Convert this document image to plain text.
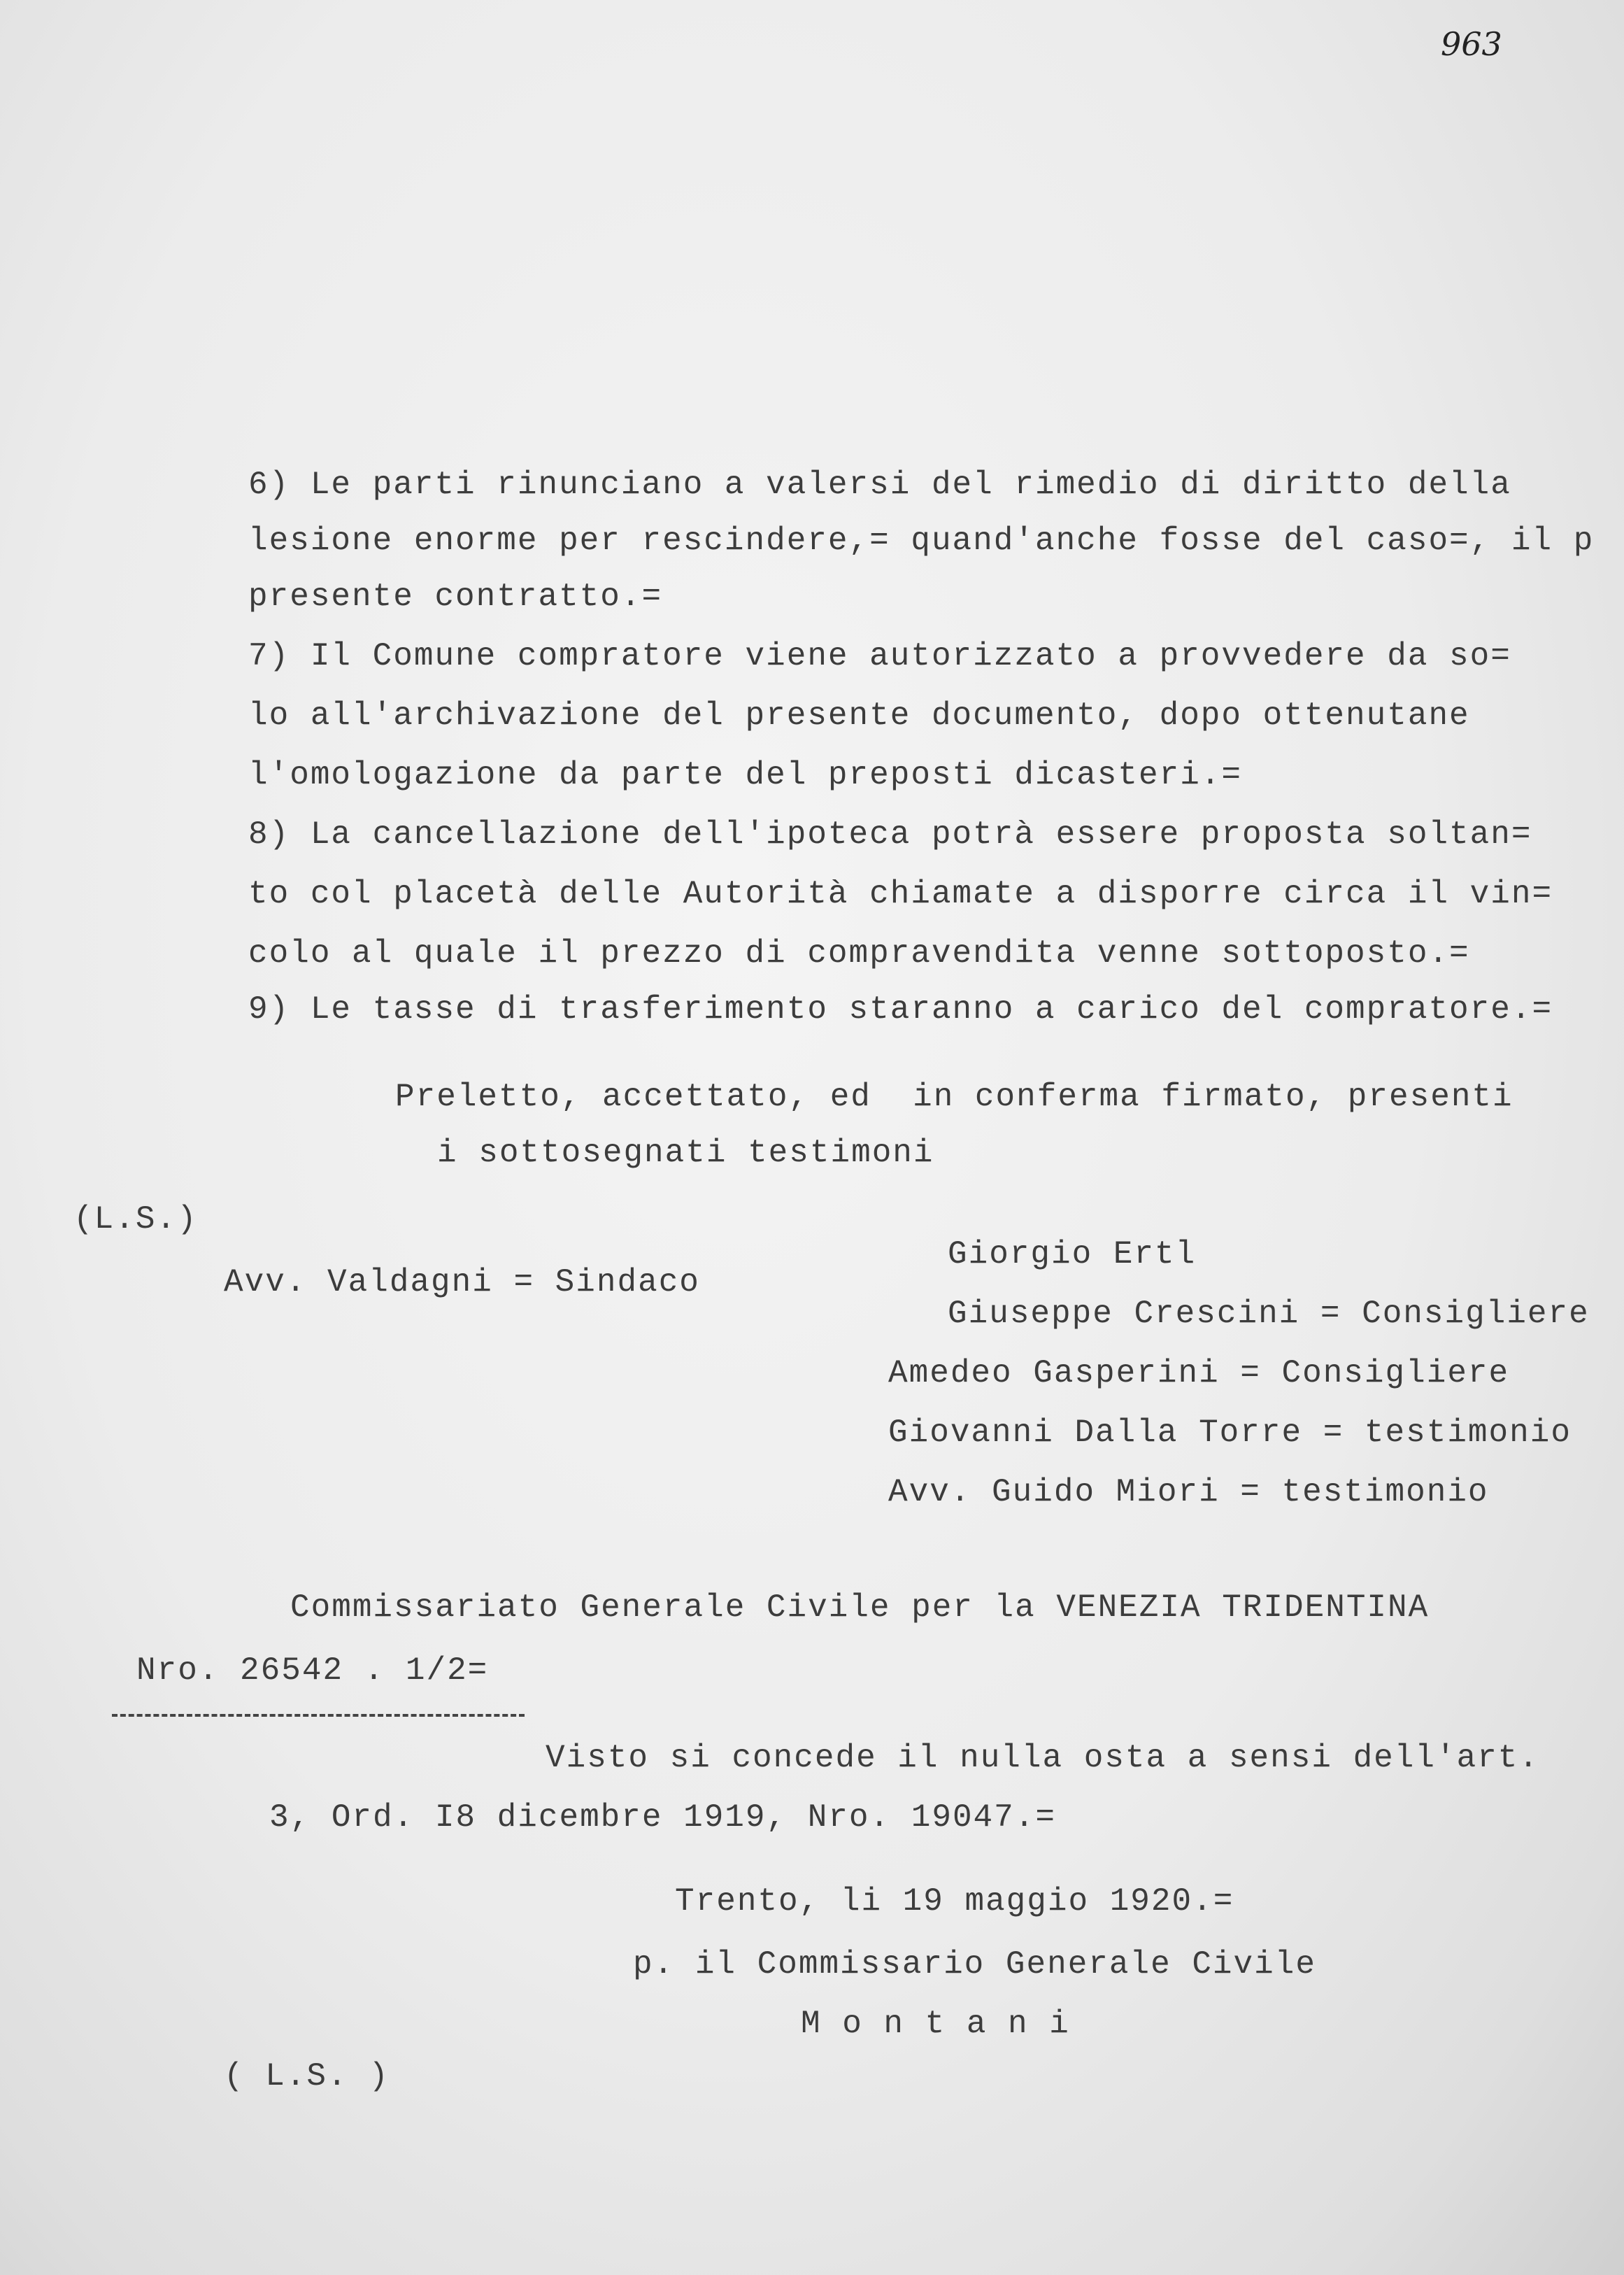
963
6) Le parti rinunciano a valersi del rimedio di diritto della
lesione enorme per rescindere,= quand'anche fosse del caso=, il p
presente contratto.=
7) Il Comune compratore viene autorizzato a provvedere da so=
lo all'archivazione del presente documento, dopo ottenutane
l'omologazione da parte del preposti dicasteri.=
8) La cancellazione dell'ipoteca potrà essere proposta soltan=
to col placetà delle Autorità chiamate a disporre circa il vin=
colo al quale il prezzo di compravendita venne sottoposto.=
9) Le tasse di trasferimento staranno a carico del compratore.=
Preletto, accettato, ed  in conferma firmato, presenti
i sottosegnati testimoni
(L.S.)
Giorgio Ertl
Avv. Valdagni = Sindaco
Giuseppe Crescini = Consigliere
Amedeo Gasperini = Consigliere
Giovanni Dalla Torre = testimonio
Avv. Guido Miori = testimonio
Commissariato Generale Civile per la VENEZIA TRIDENTINA
Nro. 26542 . 1/2=
Visto si concede il nulla osta a sensi dell'art.
3, Ord. I8 dicembre 1919, Nro. 19047.=
Trento, li 19 maggio 1920.=
p. il Commissario Generale Civile
M o n t a n i
( L.S. )
